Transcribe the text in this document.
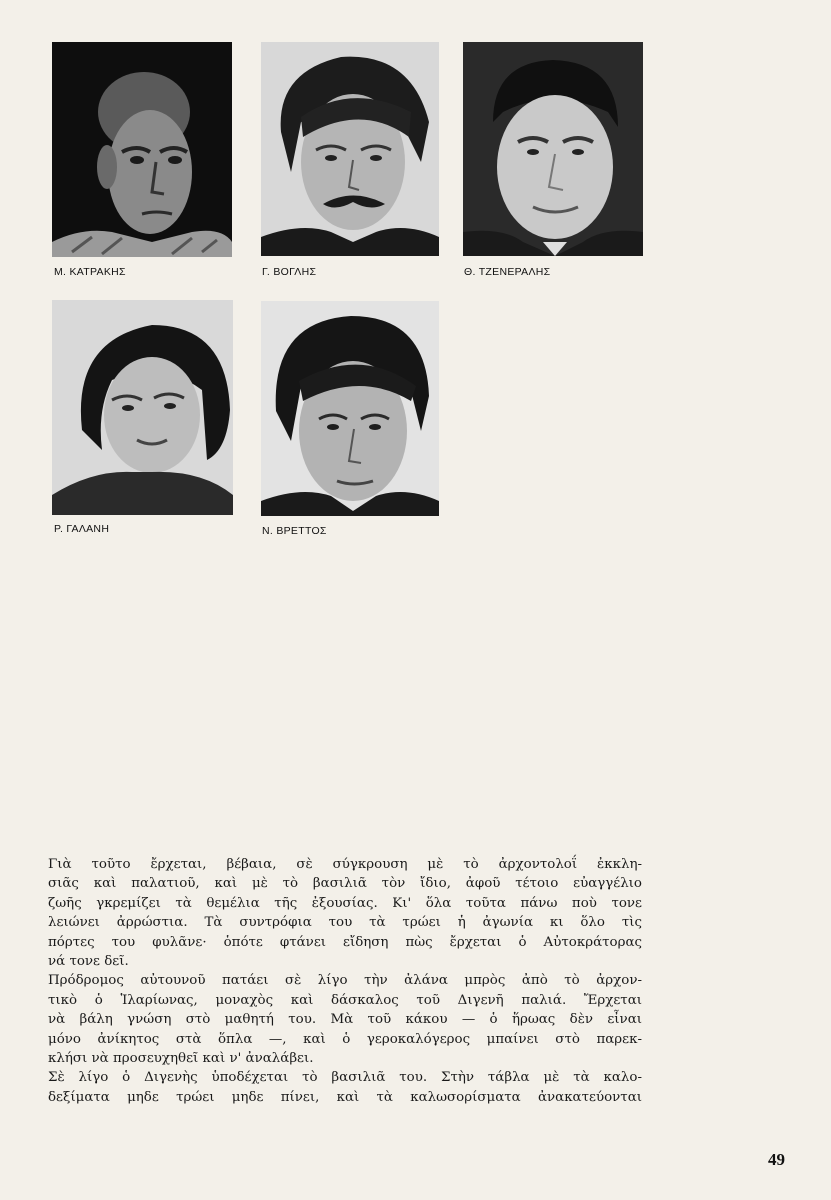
Μ. ΚΑΤΡΑΚΗΣ	Γ. ΒΟΓΛΗΣ	Θ. ΤΖΕΝΕΡΑΛΗΣ
Ρ. ΓΑΛΑΝΗ	Ν. ΒΡΕΤΤΟΣ
Γιὰ τοῦτο ἔρχεται, βέβαια, σὲ σύγκρουση μὲ τὸ ἀρχοντολοΐ ἐκκλη-
σιᾶς καὶ παλατιοῦ, καὶ μὲ τὸ βασιλιᾶ τὸν ἴδιο, ἀφοῦ τέτοιο εὐαγγέλιο
ζωῆς γκρεμίζει τὰ θεμέλια τῆς ἐξουσίας. Κι' ὅλα τοῦτα πάνω ποὺ τονε
λειώνει ἀρρώστια. Τὰ συντρόφια του τὰ τρώει ἡ ἀγωνία κι ὅλο τὶς
πόρτες του φυλᾶνε· ὁπότε φτάνει εἴδηση πὼς ἔρχεται ὁ Αὐτοκράτορας
νά τονε δεῖ.
Πρόδρομος αὐτουνοῦ πατάει σὲ λίγο τὴν ἀλάνα μπρὸς ἀπὸ τὸ ἀρχον-
τικὸ ὁ Ἱλαρίωνας, μοναχὸς καὶ δάσκαλος τοῦ Διγενῆ παλιά. Ἔρχεται
νὰ βάλη γνώση στὸ μαθητή του. Μὰ τοῦ κάκου — ὁ ἥρωας δὲν εἶναι
μόνο ἀνίκητος στὰ ὅπλα —, καὶ ὁ γεροκαλόγερος μπαίνει στὸ παρεκ-
κλήσι νὰ προσευχηθεῖ καὶ ν' ἀναλάβει.
Σὲ λίγο ὁ Διγενὴς ὑποδέχεται τὸ βασιλιᾶ του. Στὴν τάβλα μὲ τὰ καλο-
δεξίματα μηδε τρώει μηδε πίνει, καὶ τὰ καλωσορίσματα ἀνακατεύονται
49
